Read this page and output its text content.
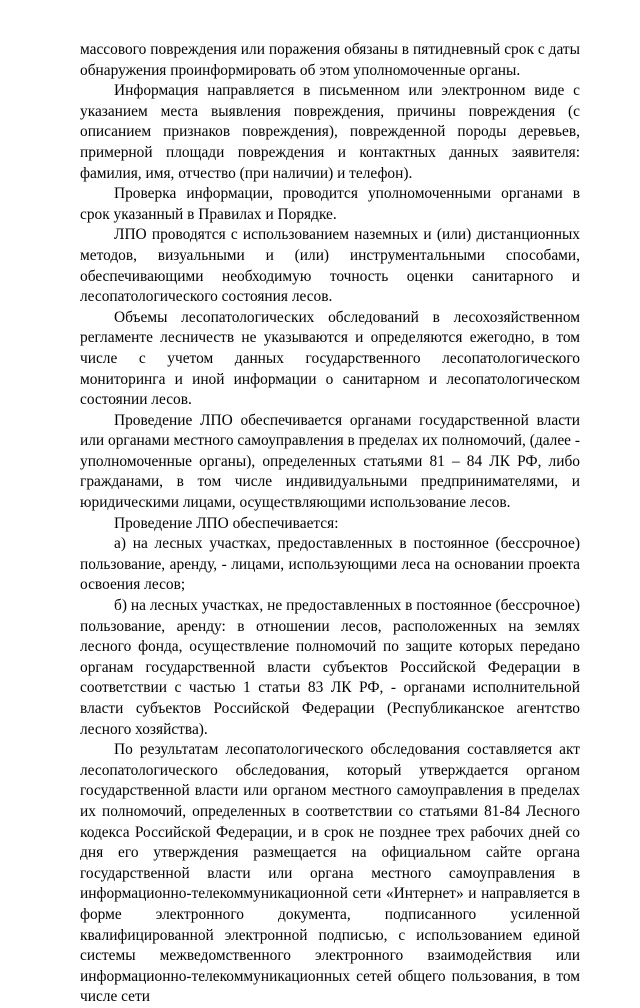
массового повреждения или поражения обязаны в пятидневный срок с даты обнаружения проинформировать об этом уполномоченные органы.

Информация направляется в письменном или электронном виде с указанием места выявления повреждения, причины повреждения (с описанием признаков повреждения), поврежденной породы деревьев, примерной площади повреждения и контактных данных заявителя: фамилия, имя, отчество (при наличии) и телефон).

Проверка информации, проводится уполномоченными органами в срок указанный в Правилах и Порядке.

ЛПО проводятся с использованием наземных и (или) дистанционных методов, визуальными и (или) инструментальными способами, обеспечивающими необходимую точность оценки санитарного и лесопатологического состояния лесов.

Объемы лесопатологических обследований в лесохозяйственном регламенте лесничеств не указываются и определяются ежегодно, в том числе с учетом данных государственного лесопатологического мониторинга и иной информации о санитарном и лесопатологическом состоянии лесов.

Проведение ЛПО обеспечивается органами государственной власти или органами местного самоуправления в пределах их полномочий, (далее - уполномоченные органы), определенных статьями 81 – 84 ЛК РФ, либо гражданами, в том числе индивидуальными предпринимателями, и юридическими лицами, осуществляющими использование лесов.

Проведение ЛПО обеспечивается:

а) на лесных участках, предоставленных в постоянное (бессрочное) пользование, аренду, - лицами, использующими леса на основании проекта освоения лесов;

б) на лесных участках, не предоставленных в постоянное (бессрочное) пользование, аренду: в отношении лесов, расположенных на землях лесного фонда, осуществление полномочий по защите которых передано органам государственной власти субъектов Российской Федерации в соответствии с частью 1 статьи 83 ЛК РФ, - органами исполнительной власти субъектов Российской Федерации (Республиканское агентство лесного хозяйства).

По результатам лесопатологического обследования составляется акт лесопатологического обследования, который утверждается органом государственной власти или органом местного самоуправления в пределах их полномочий, определенных в соответствии со статьями 81-84 Лесного кодекса Российской Федерации, и в срок не позднее трех рабочих дней со дня его утверждения размещается на официальном сайте органа государственной власти или органа местного самоуправления в информационно-телекоммуникационной сети «Интернет» и направляется в форме электронного документа, подписанного усиленной квалифицированной электронной подписью, с использованием единой системы межведомственного электронного взаимодействия или информационно-телекоммуникационных сетей общего пользования, в том числе сети
